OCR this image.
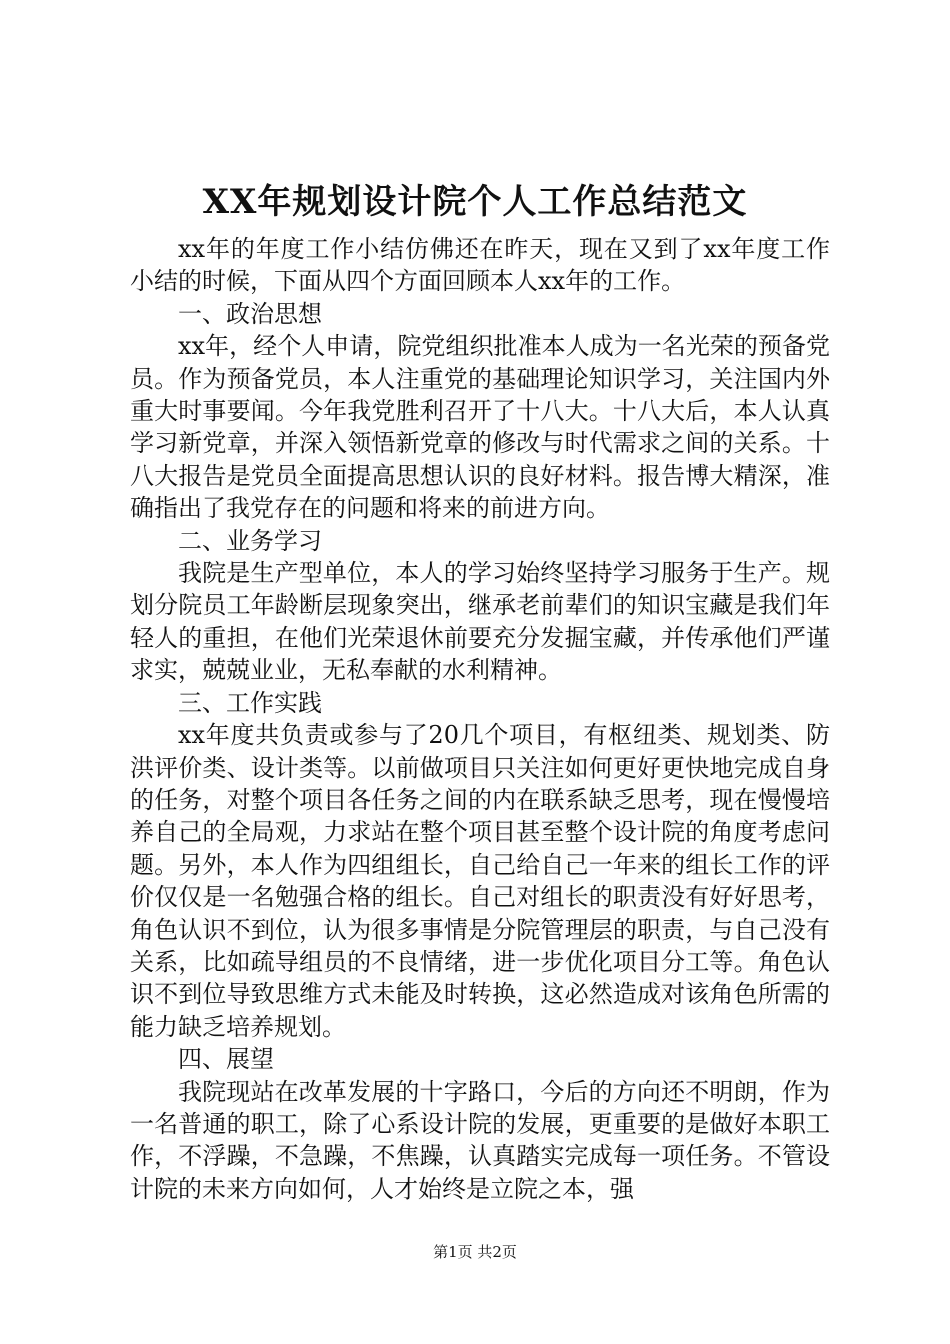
XX年规划设计院个人工作总结范文

xx年的年度工作小结仿佛还在昨天，现在又到了xx年度工作小结的时候，下面从四个方面回顾本人xx年的工作。

一、政治思想

xx年，经个人申请，院党组织批准本人成为一名光荣的预备党员。作为预备党员，本人注重党的基础理论知识学习，关注国内外重大时事要闻。今年我党胜利召开了十八大。十八大后，本人认真学习新党章，并深入领悟新党章的修改与时代需求之间的关系。十八大报告是党员全面提高思想认识的良好材料。报告博大精深，准确指出了我党存在的问题和将来的前进方向。

二、业务学习

我院是生产型单位，本人的学习始终坚持学习服务于生产。规划分院员工年龄断层现象突出，继承老前辈们的知识宝藏是我们年轻人的重担，在他们光荣退休前要充分发掘宝藏，并传承他们严谨求实，兢兢业业，无私奉献的水利精神。

三、工作实践

xx年度共负责或参与了20几个项目，有枢纽类、规划类、防洪评价类、设计类等。以前做项目只关注如何更好更快地完成自身的任务，对整个项目各任务之间的内在联系缺乏思考，现在慢慢培养自己的全局观，力求站在整个项目甚至整个设计院的角度考虑问题。另外，本人作为四组组长，自己给自己一年来的组长工作的评价仅仅是一名勉强合格的组长。自己对组长的职责没有好好思考，角色认识不到位，认为很多事情是分院管理层的职责，与自己没有关系，比如疏导组员的不良情绪，进一步优化项目分工等。角色认识不到位导致思维方式未能及时转换，这必然造成对该角色所需的能力缺乏培养规划。

四、展望

我院现站在改革发展的十字路口，今后的方向还不明朗，作为一名普通的职工，除了心系设计院的发展，更重要的是做好本职工作，不浮躁，不急躁，不焦躁，认真踏实完成每一项任务。不管设计院的未来方向如何，人才始终是立院之本，强

第1页 共2页
